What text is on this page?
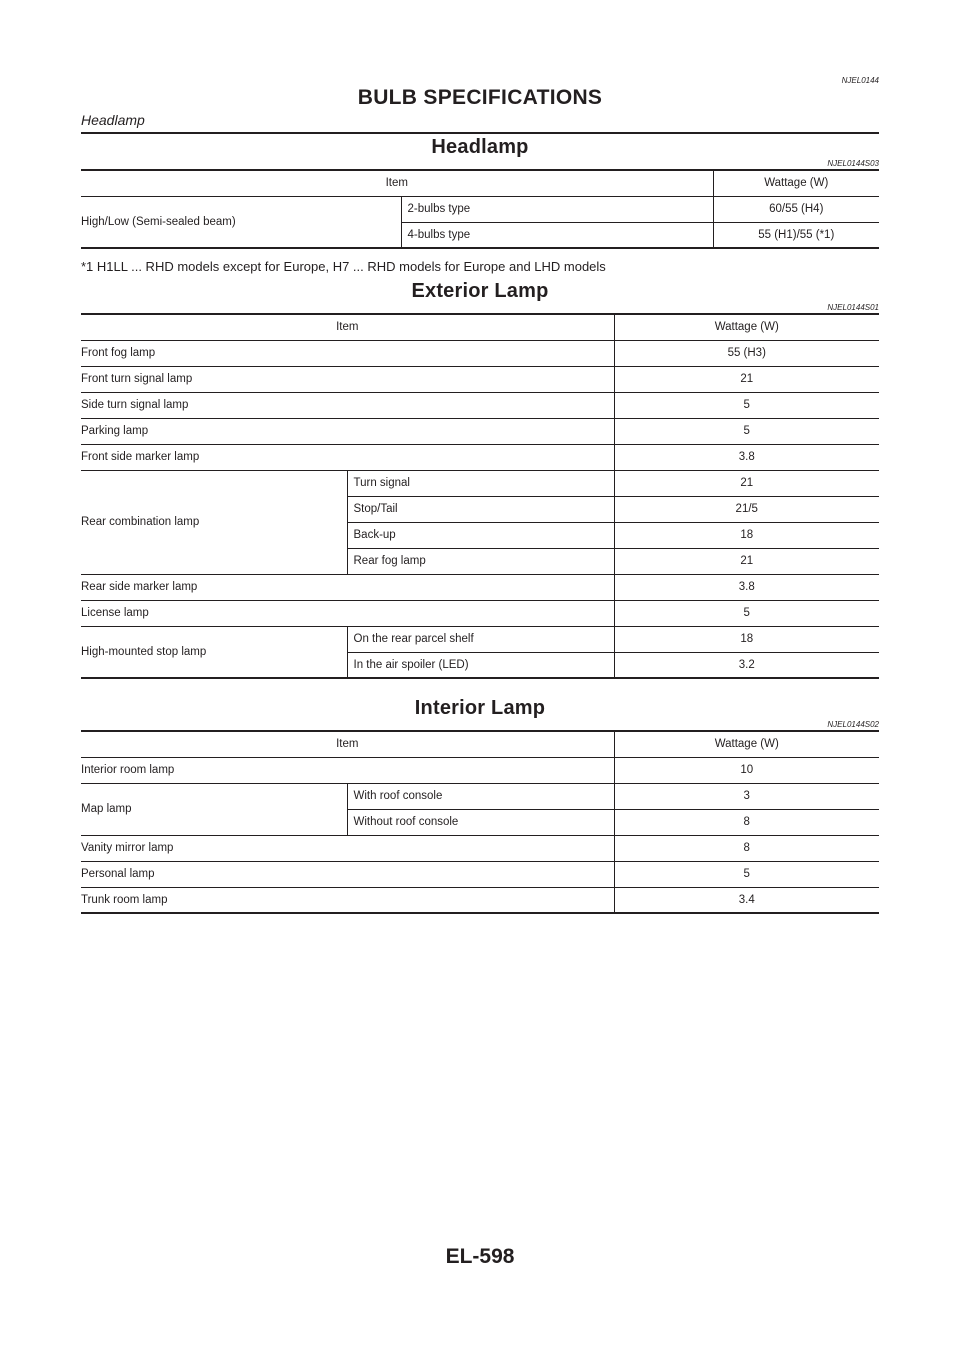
NJEL0144
BULB SPECIFICATIONS
Headlamp
Headlamp
NJEL0144S03
Item		Wattage (W)
High/Low (Semi-sealed beam)	2-bulbs type	60/55 (H4)
	4-bulbs type	55 (H1)/55 (*1)
*1 H1LL ... RHD models except for Europe, H7 ... RHD models for Europe and LHD models
Exterior Lamp
NJEL0144S01
Item		Wattage (W)
Front fog lamp		55 (H3)
Front turn signal lamp		21
Side turn signal lamp		5
Parking lamp		5
Front side marker lamp		3.8
Rear combination lamp	Turn signal	21
	Stop/Tail	21/5
	Back-up	18
	Rear fog lamp	21
Rear side marker lamp		3.8
License lamp		5
High-mounted stop lamp	On the rear parcel shelf	18
	In the air spoiler (LED)	3.2
Interior Lamp
NJEL0144S02
Item		Wattage (W)
Interior room lamp		10
Map lamp	With roof console	3
	Without roof console	8
Vanity mirror lamp		8
Personal lamp		5
Trunk room lamp		3.4
EL-598
